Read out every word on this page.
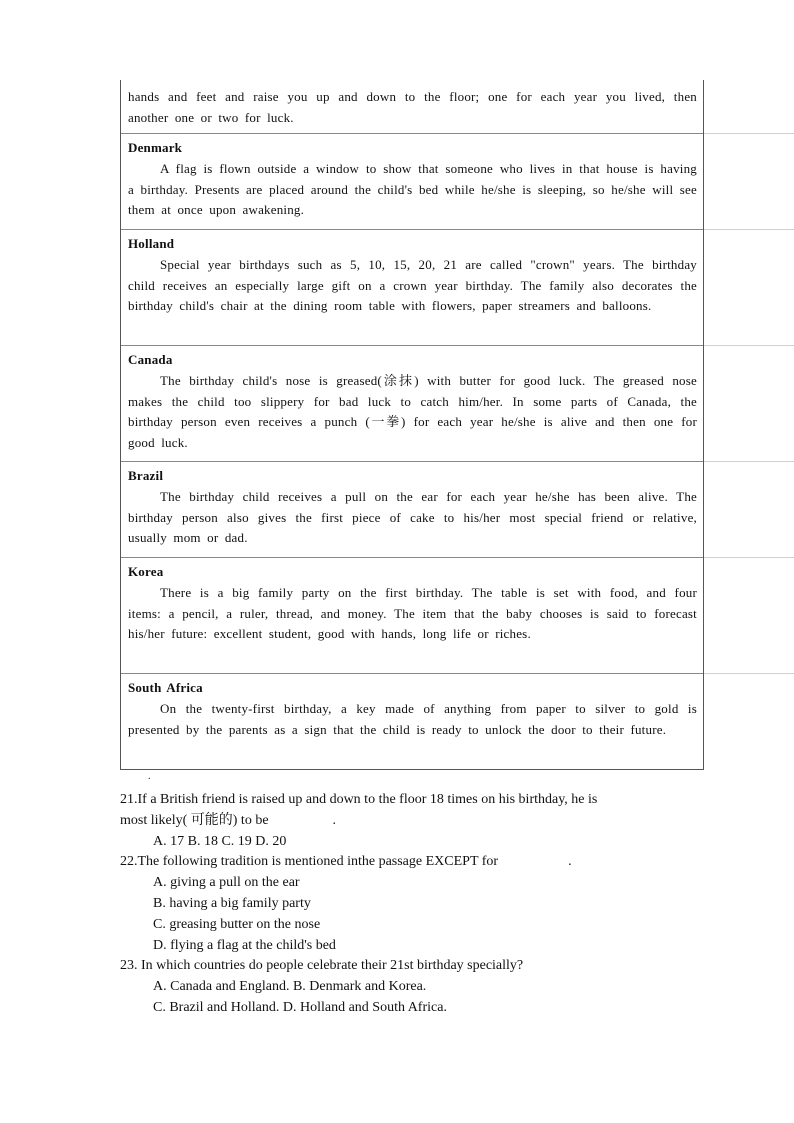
hands and feet and raise you up and down to the floor; one for each year you lived, then another one or two for luck.
Denmark
A flag is flown outside a window to show that someone who lives in that house is having a birthday. Presents are placed around the child's bed while he/she is sleeping, so he/she will see them at once upon awakening.
Holland
Special year birthdays such as 5, 10, 15, 20, 21 are called "crown" years. The birthday child receives an especially large gift on a crown year birthday. The family also decorates the birthday child's chair at the dining room table with flowers, paper streamers and balloons.
Canada
The birthday child's nose is greased(涂抹) with butter for good luck. The greased nose makes the child too slippery for bad luck to catch him/her. In some parts of Canada, the birthday person even receives a punch (一拳) for each year he/she is alive and then one for good luck.
Brazil
The birthday child receives a pull on the ear for each year he/she has been alive. The birthday person also gives the first piece of cake to his/her most special friend or relative, usually mom or dad.
Korea
There is a big family party on the first birthday. The table is set with food, and four items: a pencil, a ruler, thread, and money. The item that the baby chooses is said to forecast his/her future: excellent student, good with hands, long life or riches.
South Africa
On the twenty-first birthday, a key made of anything from paper to silver to gold is presented by the parents as a sign that the child is ready to unlock the door to their future.
.

21.If a British friend is raised up and down to the floor 18 times on his birthday, he is

most likely( 可能的) to be	.

A. 17 B. 18 C. 19 D. 20

22.The following tradition is mentioned inthe passage EXCEPT for	.

A. giving a pull on the ear

B. having a big family party

C. greasing butter on the nose

D. flying a flag at the child's bed

23. In which countries do people celebrate their 21st birthday specially?

A. Canada and England. B. Denmark and Korea.

C. Brazil and Holland. D. Holland and South Africa.
